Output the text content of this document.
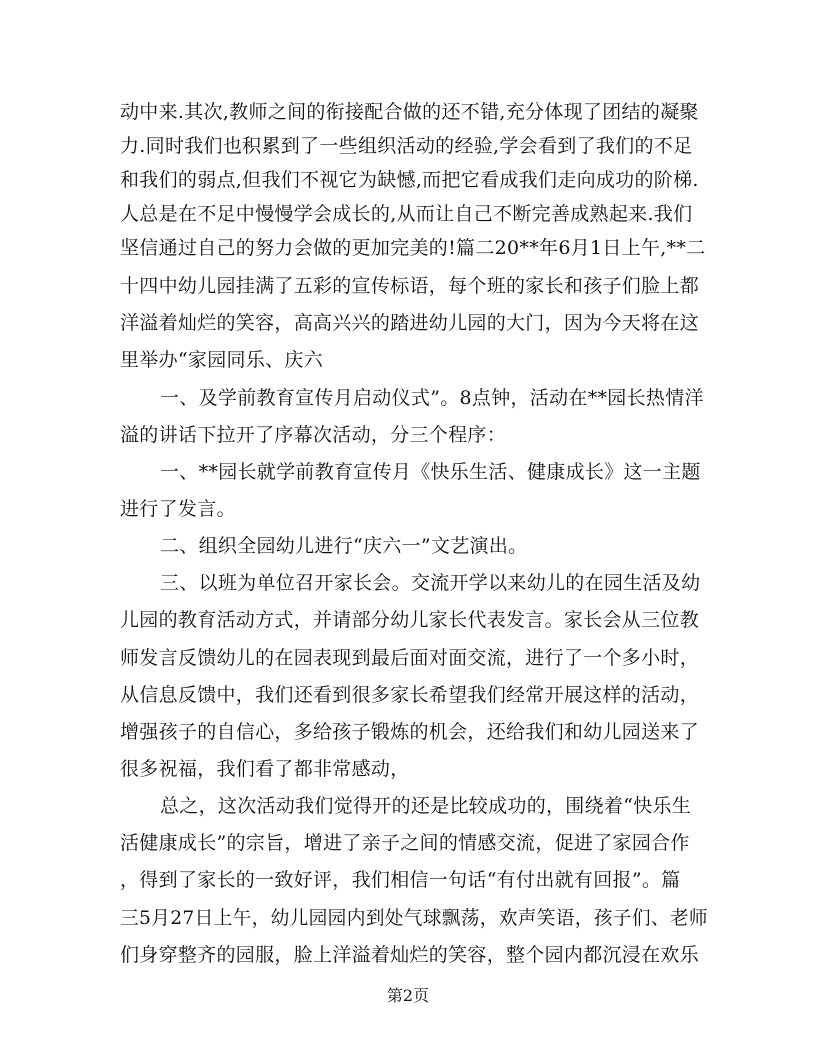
动中来.其次,教师之间的衔接配合做的还不错,充分体现了团结的凝聚
力.同时我们也积累到了一些组织活动的经验,学会看到了我们的不足
和我们的弱点,但我们不视它为缺憾,而把它看成我们走向成功的阶梯.
人总是在不足中慢慢学会成长的,从而让自己不断完善成熟起来.我们
坚信通过自己的努力会做的更加完美的!篇二20**年6月1日上午,**二
十四中幼儿园挂满了五彩的宣传标语，每个班的家长和孩子们脸上都
洋溢着灿烂的笑容，高高兴兴的踏进幼儿园的大门，因为今天将在这
里举办“家园同乐、庆六
一、及学前教育宣传月启动仪式”。8点钟，活动在**园长热情洋
溢的讲话下拉开了序幕次活动，分三个程序：
一、**园长就学前教育宣传月《快乐生活、健康成长》这一主题
进行了发言。
二、组织全园幼儿进行“庆六一”文艺演出。
三、以班为单位召开家长会。交流开学以来幼儿的在园生活及幼
儿园的教育活动方式，并请部分幼儿家长代表发言。家长会从三位教
师发言反馈幼儿的在园表现到最后面对面交流，进行了一个多小时，
从信息反馈中，我们还看到很多家长希望我们经常开展这样的活动，
增强孩子的自信心，多给孩子锻炼的机会，还给我们和幼儿园送来了
很多祝福，我们看了都非常感动，
总之，这次活动我们觉得开的还是比较成功的，围绕着“快乐生
活健康成长”的宗旨，增进了亲子之间的情感交流，促进了家园合作
，得到了家长的一致好评，我们相信一句话“有付出就有回报”。篇
三5月27日上午，幼儿园园内到处气球飘荡，欢声笑语，孩子们、老师
们身穿整齐的园服，脸上洋溢着灿烂的笑容，整个园内都沉浸在欢乐
第2页
